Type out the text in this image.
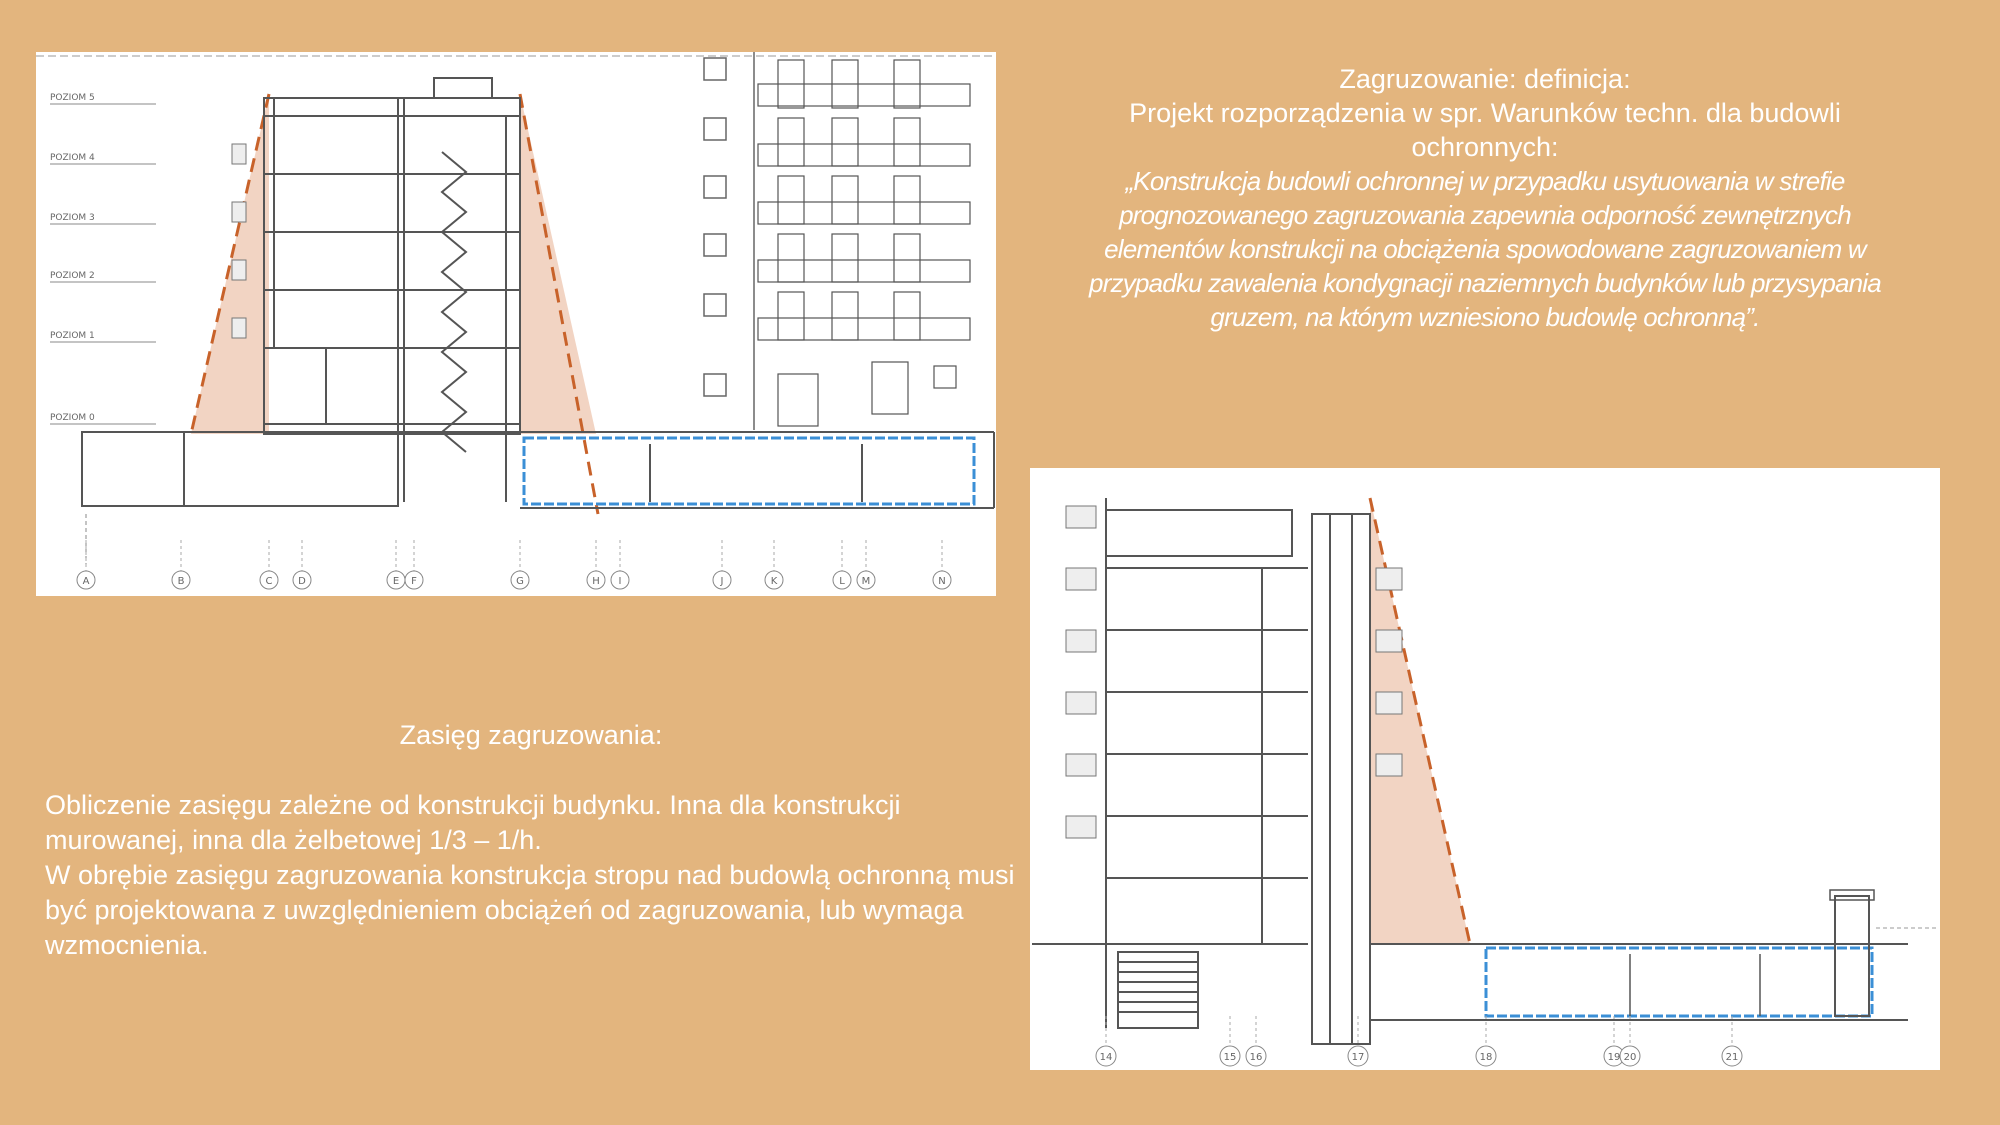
POZIOM 5
POZIOM 4
POZIOM 3
POZIOM 2
POZIOM 1
POZIOM 0
A	B	C	D	E F	G	H I	J	K	L M	N
Zagruzowanie: definicja:
Projekt rozporządzenia w spr. Warunków techn. dla budowli
ochronnych:
„Konstrukcja budowli ochronnej w przypadku usytuowania w strefie
prognozowanego zagruzowania zapewnia odporność zewnętrznych
elementów konstrukcji na obciążenia spowodowane zagruzowaniem w
przypadku zawalenia kondygnacji naziemnych budynków lub przysypania
gruzem, na którym wzniesiono budowlę ochronną”.
Zasięg zagruzowania:

Obliczenie zasięgu zależne od konstrukcji budynku. Inna dla konstrukcji murowanej, inna dla żelbetowej 1/3 – 1/h.

W obrębie zasięgu zagruzowania konstrukcja stropu nad budowlą ochronną musi być projektowana z uwzględnieniem obciążeń od zagruzowania, lub wymaga wzmocnienia.

14	15 16	17	18	19 20	21
